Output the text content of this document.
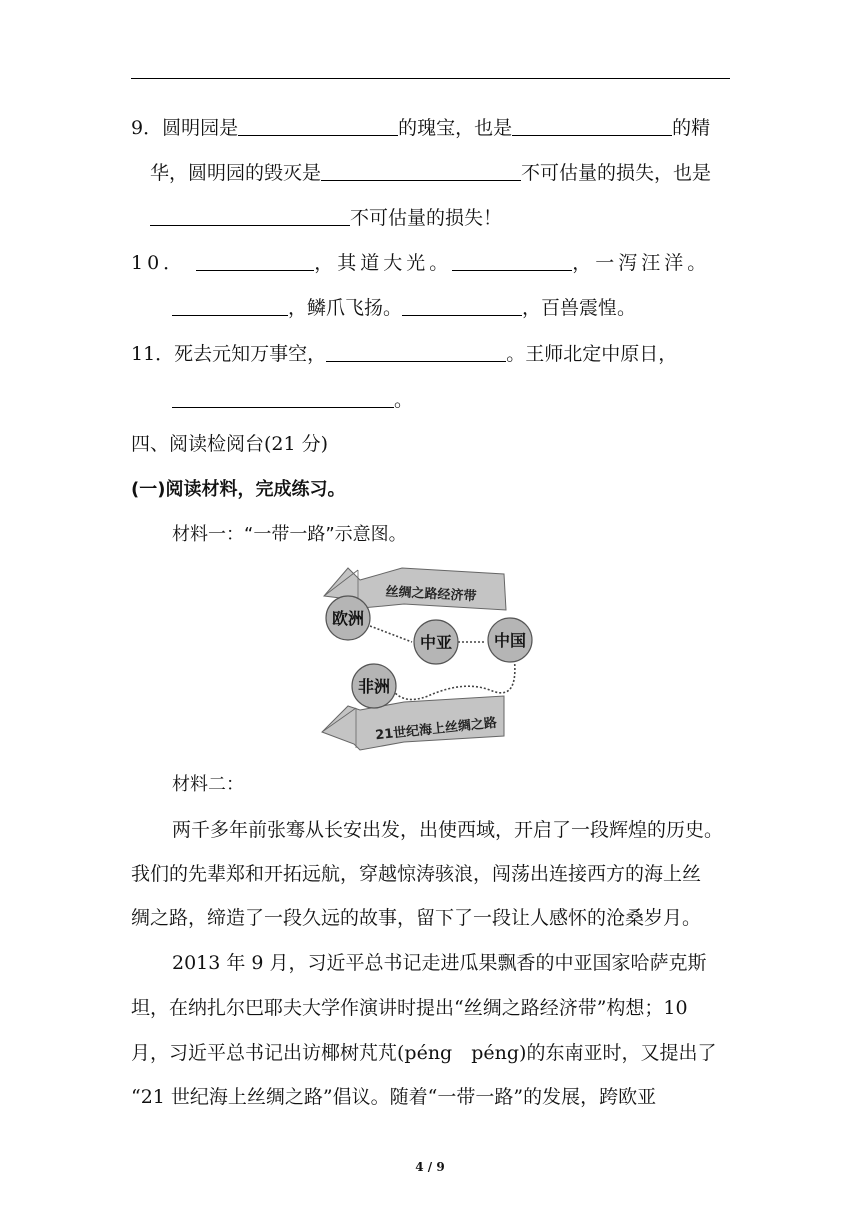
9．圆明园是	的瑰宝，也是	的精
华，圆明园的毁灭是	不可估量的损失，也是
不可估量的损失！
10．	，其道大光。	，一泻汪洋。
，鳞爪飞扬。	，百兽震惶。
11．死去元知万事空，	。王师北定中原日，
。
四、阅读检阅台(21 分)
(一)阅读材料，完成练习。
材料一：“一带一路”示意图。
丝绸之路经济带
21世纪海上丝绸之路
欧洲
中亚	中国
非洲
材料二：
两千多年前张骞从长安出发，出使西域，开启了一段辉煌的历史。
我们的先辈郑和开拓远航，穿越惊涛骇浪，闯荡出连接西方的海上丝
绸之路，缔造了一段久远的故事，留下了一段让人感怀的沧桑岁月。
2013 年 9 月，习近平总书记走进瓜果飘香的中亚国家哈萨克斯
坦，在纳扎尔巴耶夫大学作演讲时提出“丝绸之路经济带”构想；10
月，习近平总书记出访椰树芃芃(péng　péng)的东南亚时，又提出了
“21 世纪海上丝绸之路”倡议。随着“一带一路”的发展，跨欧亚
4 / 9
